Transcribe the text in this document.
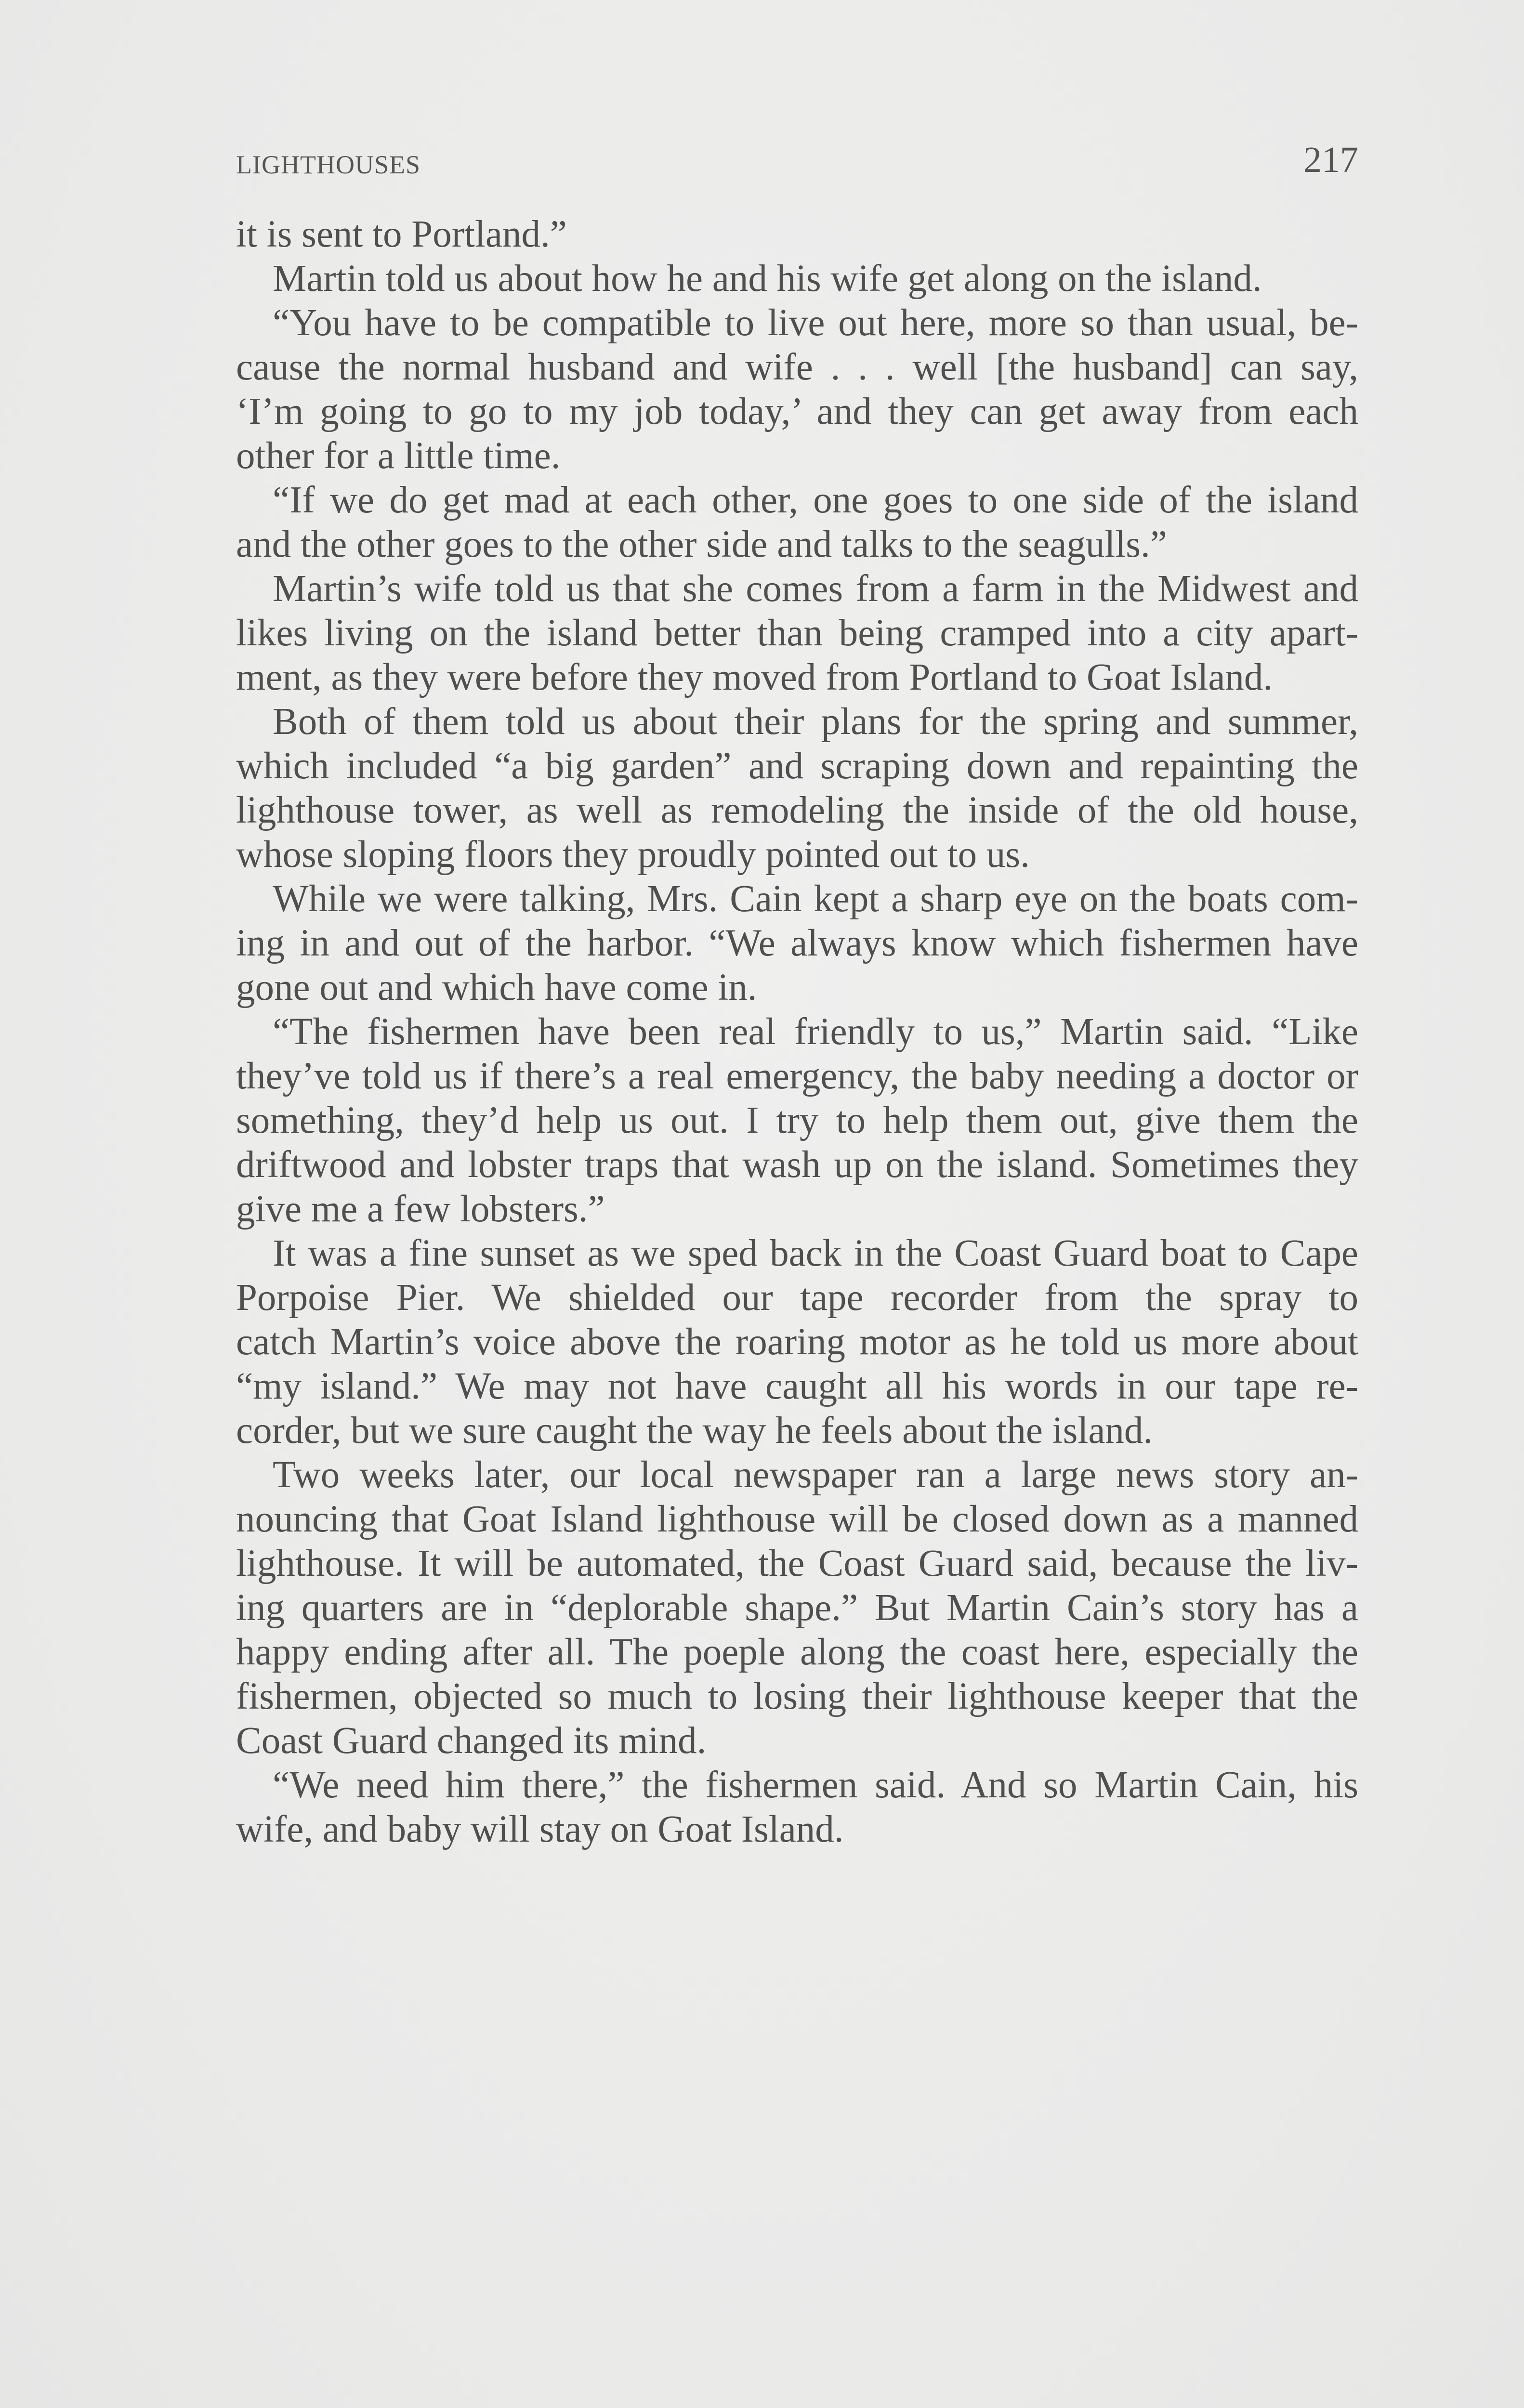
LIGHTHOUSES	217
it is sent to Portland.”
Martin told us about how he and his wife get along on the island.
“You have to be compatible to live out here, more so than usual, be-
cause the normal husband and wife . . . well [the husband] can say,
‘I’m going to go to my job today,’ and they can get away from each
other for a little time.
“If we do get mad at each other, one goes to one side of the island
and the other goes to the other side and talks to the seagulls.”
Martin’s wife told us that she comes from a farm in the Midwest and
likes living on the island better than being cramped into a city apart-
ment, as they were before they moved from Portland to Goat Island.
Both of them told us about their plans for the spring and summer,
which included “a big garden” and scraping down and repainting the
lighthouse tower, as well as remodeling the inside of the old house,
whose sloping floors they proudly pointed out to us.
While we were talking, Mrs. Cain kept a sharp eye on the boats com-
ing in and out of the harbor. “We always know which fishermen have
gone out and which have come in.
“The fishermen have been real friendly to us,” Martin said. “Like
they’ve told us if there’s a real emergency, the baby needing a doctor or
something, they’d help us out. I try to help them out, give them the
driftwood and lobster traps that wash up on the island. Sometimes they
give me a few lobsters.”
It was a fine sunset as we sped back in the Coast Guard boat to Cape
Porpoise Pier. We shielded our tape recorder from the spray to
catch Martin’s voice above the roaring motor as he told us more about
“my island.” We may not have caught all his words in our tape re-
corder, but we sure caught the way he feels about the island.
Two weeks later, our local newspaper ran a large news story an-
nouncing that Goat Island lighthouse will be closed down as a manned
lighthouse. It will be automated, the Coast Guard said, because the liv-
ing quarters are in “deplorable shape.” But Martin Cain’s story has a
happy ending after all. The poeple along the coast here, especially the
fishermen, objected so much to losing their lighthouse keeper that the
Coast Guard changed its mind.
“We need him there,” the fishermen said. And so Martin Cain, his
wife, and baby will stay on Goat Island.
